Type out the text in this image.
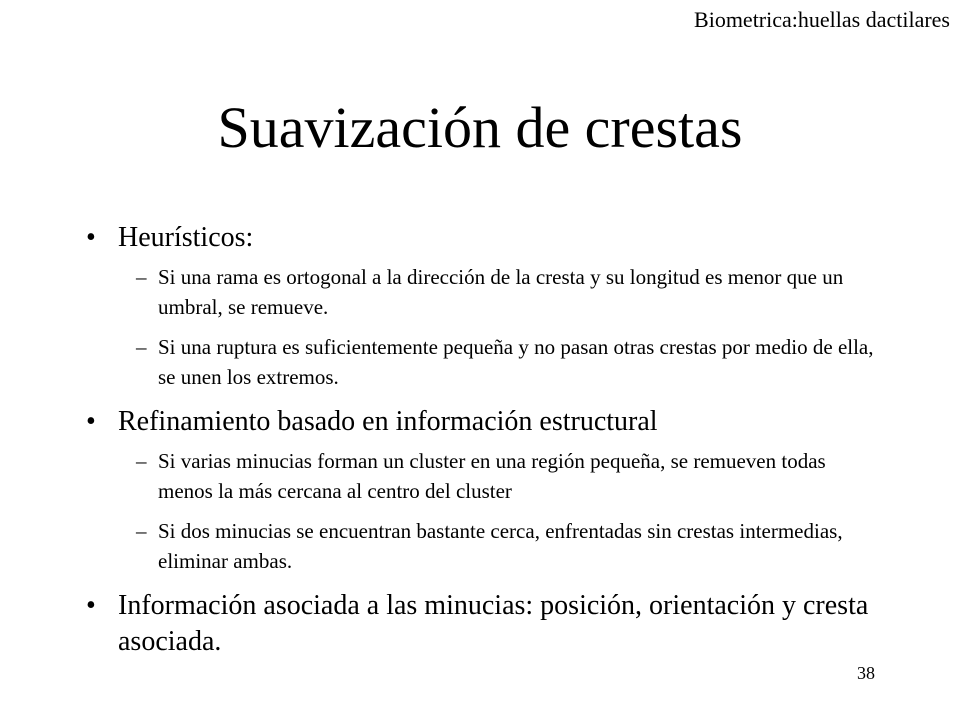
Biometrica:huellas dactilares
Suavización de crestas
• Heurísticos:
– Si una rama es ortogonal a la dirección de la cresta y su longitud es menor que un umbral, se remueve.
– Si una ruptura es suficientemente pequeña y no pasan otras crestas por medio de ella, se unen los extremos.
• Refinamiento basado en información estructural
– Si varias minucias forman un cluster en una región pequeña, se remueven todas menos la más cercana al centro del cluster
– Si dos minucias se encuentran bastante cerca, enfrentadas sin crestas intermedias, eliminar ambas.
• Información asociada a las minucias: posición, orientación y cresta asociada.
38
